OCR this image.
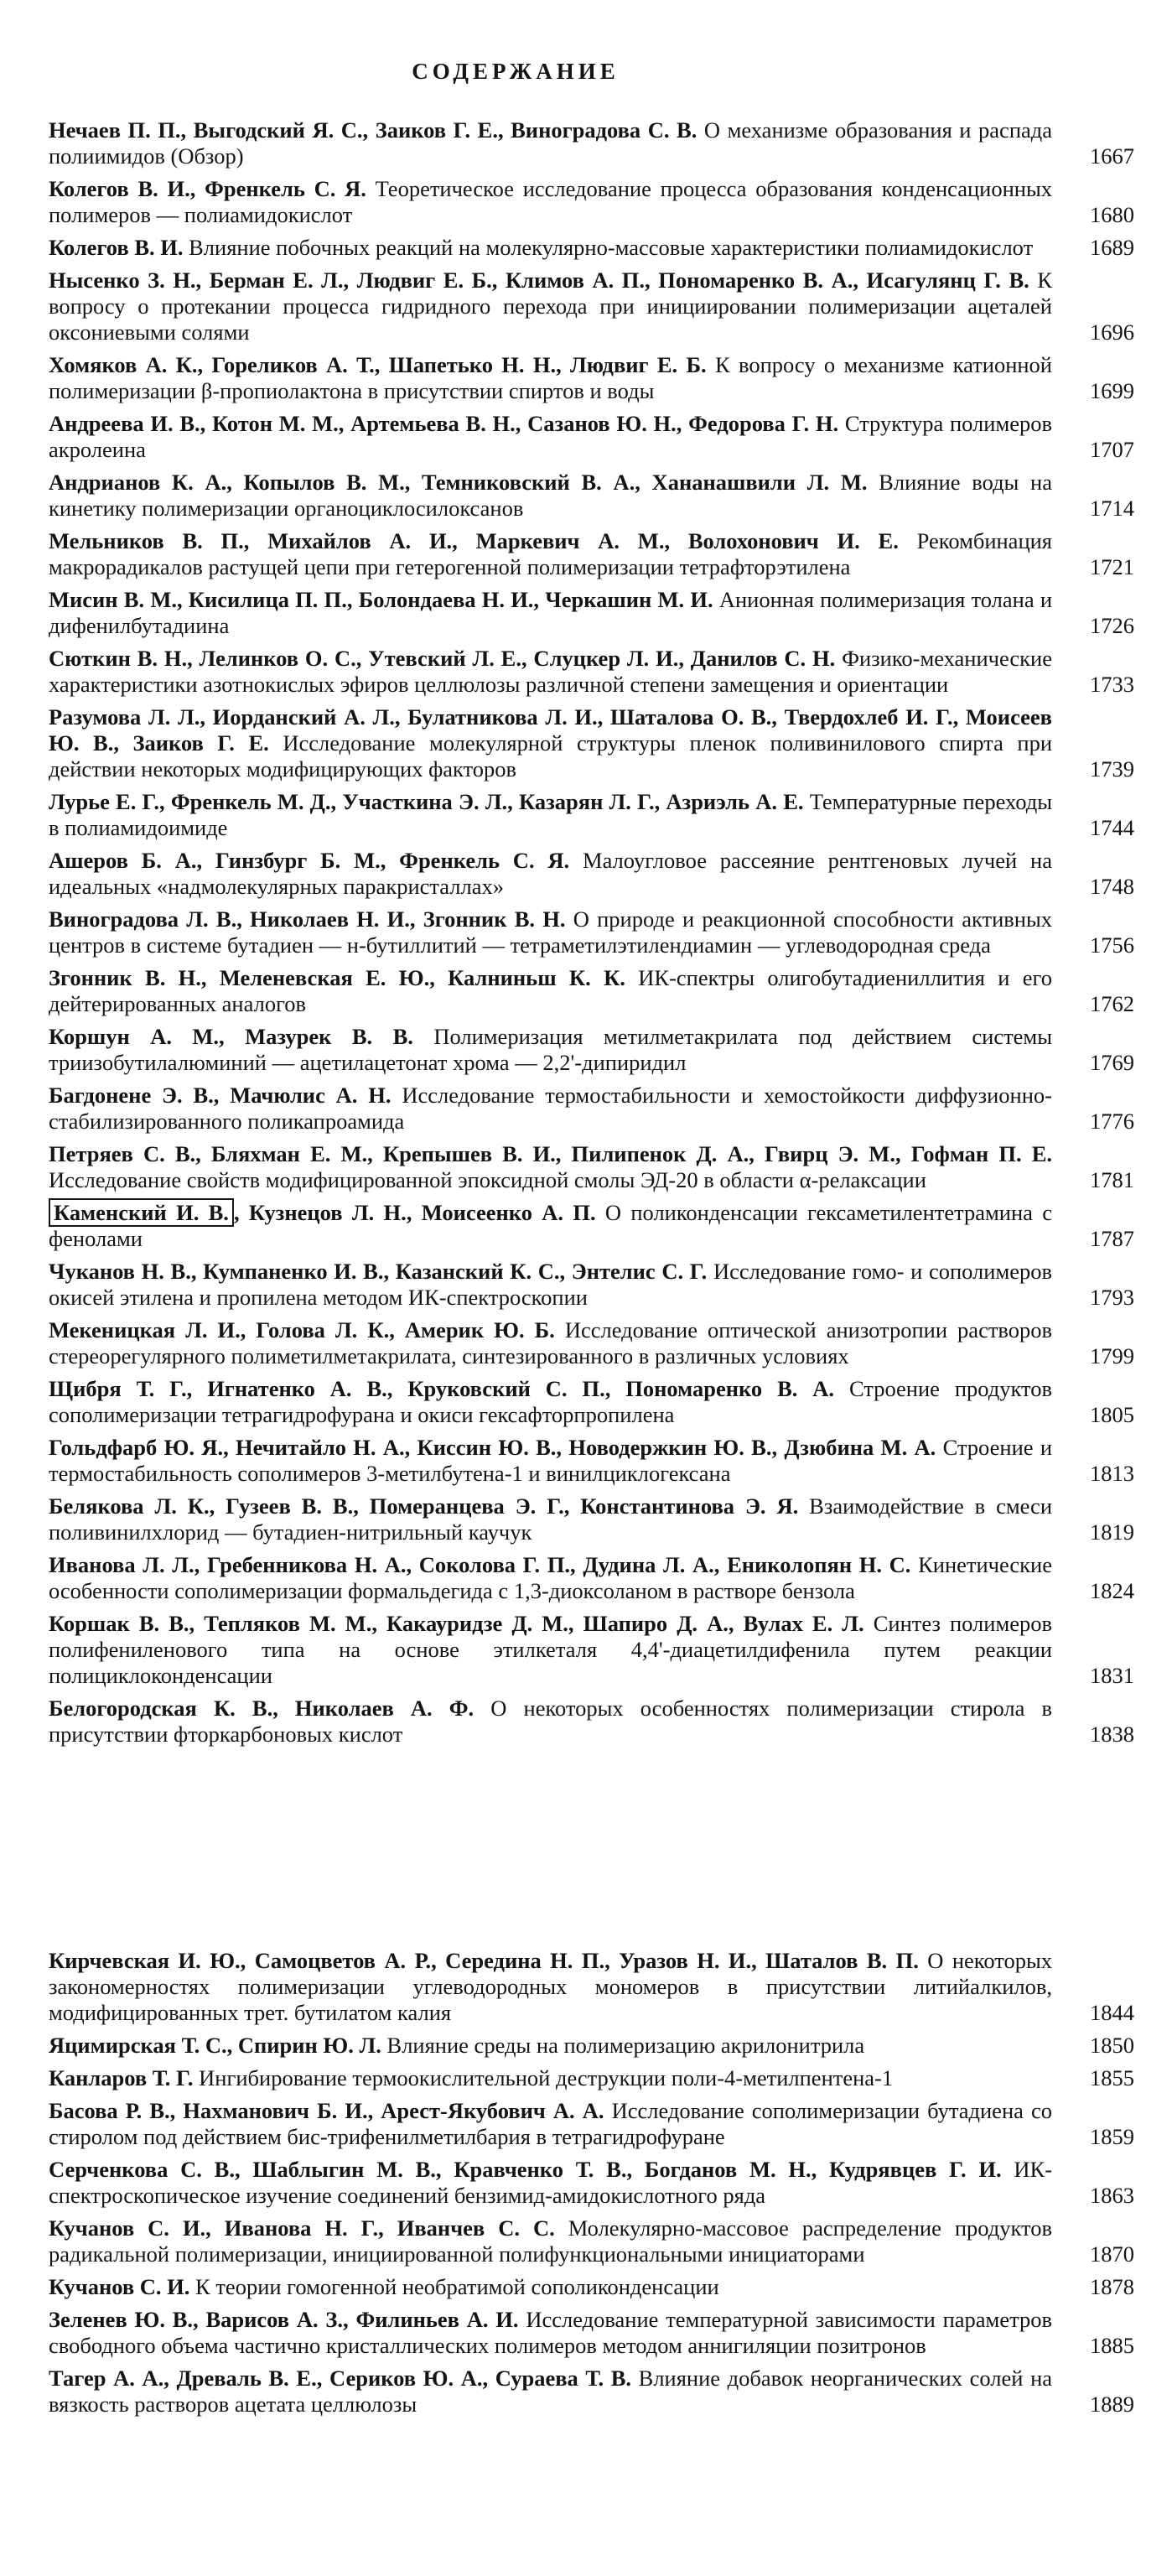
СОДЕРЖАНИЕ
Нечаев П. П., Выгодский Я. С., Заиков Г. Е., Виноградова С. В. О механизме образования и распада полиимидов (Обзор)	1667
Колегов В. И., Френкель С. Я. Теоретическое исследование процесса образования конденсационных полимеров — полиамидокислот	1680
Колегов В. И. Влияние побочных реакций на молекулярно-массовые характеристики полиамидокислот	1689
Нысенко З. Н., Берман Е. Л., Людвиг Е. Б., Климов А. П., Пономаренко В. А., Исагулянц Г. В. К вопросу о протекании процесса гидридного перехода при инициировании полимеризации ацеталей оксониевыми солями	1696
Хомяков А. К., Гореликов А. Т., Шапетько Н. Н., Людвиг Е. Б. К вопросу о механизме катионной полимеризации β-пропиолактона в присутствии спиртов и воды	1699
Андреева И. В., Котон М. М., Артемьева В. Н., Сазанов Ю. Н., Федорова Г. Н. Структура полимеров акролеина	1707
Андрианов К. А., Копылов В. М., Темниковский В. А., Хананашвили Л. М. Влияние воды на кинетику полимеризации органоциклосилоксанов	1714
Мельников В. П., Михайлов А. И., Маркевич А. М., Волохонович И. Е. Рекомбинация макрорадикалов растущей цепи при гетерогенной полимеризации тетрафторэтилена	1721
Мисин В. М., Кисилица П. П., Болондаева Н. И., Черкашин М. И. Анионная полимеризация толана и дифенилбутадиина	1726
Сюткин В. Н., Лелинков О. С., Утевский Л. Е., Слуцкер Л. И., Данилов С. Н. Физико-механические характеристики азотнокислых эфиров целлюлозы различной степени замещения и ориентации	1733
Разумова Л. Л., Иорданский А. Л., Булатникова Л. И., Шаталова О. В., Твердохлеб И. Г., Моисеев Ю. В., Заиков Г. Е. Исследование молекулярной структуры пленок поливинилового спирта при действии некоторых модифицирующих факторов	1739
Лурье Е. Г., Френкель М. Д., Участкина Э. Л., Казарян Л. Г., Азриэль А. Е. Температурные переходы в полиамидоимиде	1744
Ашеров Б. А., Гинзбург Б. М., Френкель С. Я. Малоугловое рассеяние рентгеновых лучей на идеальных «надмолекулярных паракристаллах»	1748
Виноградова Л. В., Николаев Н. И., Згонник В. Н. О природе и реакционной способности активных центров в системе бутадиен — н-бутиллитий — тетраметилэтилендиамин — углеводородная среда	1756
Згонник В. Н., Меленевская Е. Ю., Калниньш К. К. ИК-спектры олигобутадиениллития и его дейтерированных аналогов	1762
Коршун А. М., Мазурек В. В. Полимеризация метилметакрилата под действием системы триизобутилалюминий — ацетилацетонат хрома — 2,2'-дипиридил	1769
Багдонене Э. В., Мачюлис А. Н. Исследование термостабильности и хемостойкости диффузионно-стабилизированного поликапроамида	1776
Петряев С. В., Бляхман Е. М., Крепышев В. И., Пилипенок Д. А., Гвирц Э. М., Гофман П. Е. Исследование свойств модифицированной эпоксидной смолы ЭД-20 в области α-релаксации	1781
Каменский И. В. , Кузнецов Л. Н., Моисеенко А. П. О поликонденсации гексаметилентетрамина с фенолами	1787
Чуканов Н. В., Кумпаненко И. В., Казанский К. С., Энтелис С. Г. Исследование гомо- и сополимеров окисей этилена и пропилена методом ИК-спектроскопии	1793
Мекеницкая Л. И., Голова Л. К., Америк Ю. Б. Исследование оптической анизотропии растворов стереорегулярного полиметилметакрилата, синтезированного в различных условиях	1799
Щибря Т. Г., Игнатенко А. В., Круковский С. П., Пономаренко В. А. Строение продуктов сополимеризации тетрагидрофурана и окиси гексафторпропилена	1805
Гольдфарб Ю. Я., Нечитайло Н. А., Киссин Ю. В., Новодержкин Ю. В., Дзюбина М. А. Строение и термостабильность сополимеров 3-метилбутена-1 и винилциклогексана	1813
Белякова Л. К., Гузеев В. В., Померанцева Э. Г., Константинова Э. Я. Взаимодействие в смеси поливинилхлорид — бутадиен-нитрильный каучук	1819
Иванова Л. Л., Гребенникова Н. А., Соколова Г. П., Дудина Л. А., Ениколопян Н. С. Кинетические особенности сополимеризации формальдегида с 1,3-диоксоланом в растворе бензола	1824
Коршак В. В., Тепляков М. М., Какауридзе Д. М., Шапиро Д. А., Вулах Е. Л. Синтез полимеров полифениленового типа на основе этилкеталя 4,4'-диацетилдифенила путем реакции полициклоконденсации	1831
Белогородская К. В., Николаев А. Ф. О некоторых особенностях полимеризации стирола в присутствии фторкарбоновых кислот	1838
Кирчевская И. Ю., Самоцветов А. Р., Середина Н. П., Уразов Н. И., Шаталов В. П. О некоторых закономерностях полимеризации углеводородных мономеров в присутствии литийалкилов, модифицированных трет. бутилатом калия	1844
Яцимирская Т. С., Спирин Ю. Л. Влияние среды на полимеризацию акрилонитрила	1850
Канларов Т. Г. Ингибирование термоокислительной деструкции поли-4-метилпентена-1	1855
Басова Р. В., Нахманович Б. И., Арест-Якубович А. А. Исследование сополимеризации бутадиена со стиролом под действием бис-трифенилметилбария в тетрагидрофуране	1859
Серченкова С. В., Шаблыгин М. В., Кравченко Т. В., Богданов М. Н., Кудрявцев Г. И. ИК-спектроскопическое изучение соединений бензимид-амидокислотного ряда	1863
Кучанов С. И., Иванова Н. Г., Иванчев С. С. Молекулярно-массовое распределение продуктов радикальной полимеризации, инициированной полифункциональными инициаторами	1870
Кучанов С. И. К теории гомогенной необратимой сополиконденсации	1878
Зеленев Ю. В., Варисов А. З., Филиньев А. И. Исследование температурной зависимости параметров свободного объема частично кристаллических полимеров методом аннигиляции позитронов	1885
Тагер А. А., Древаль В. Е., Сериков Ю. А., Сураева Т. В. Влияние добавок неорганических солей на вязкость растворов ацетата целлюлозы	1889
